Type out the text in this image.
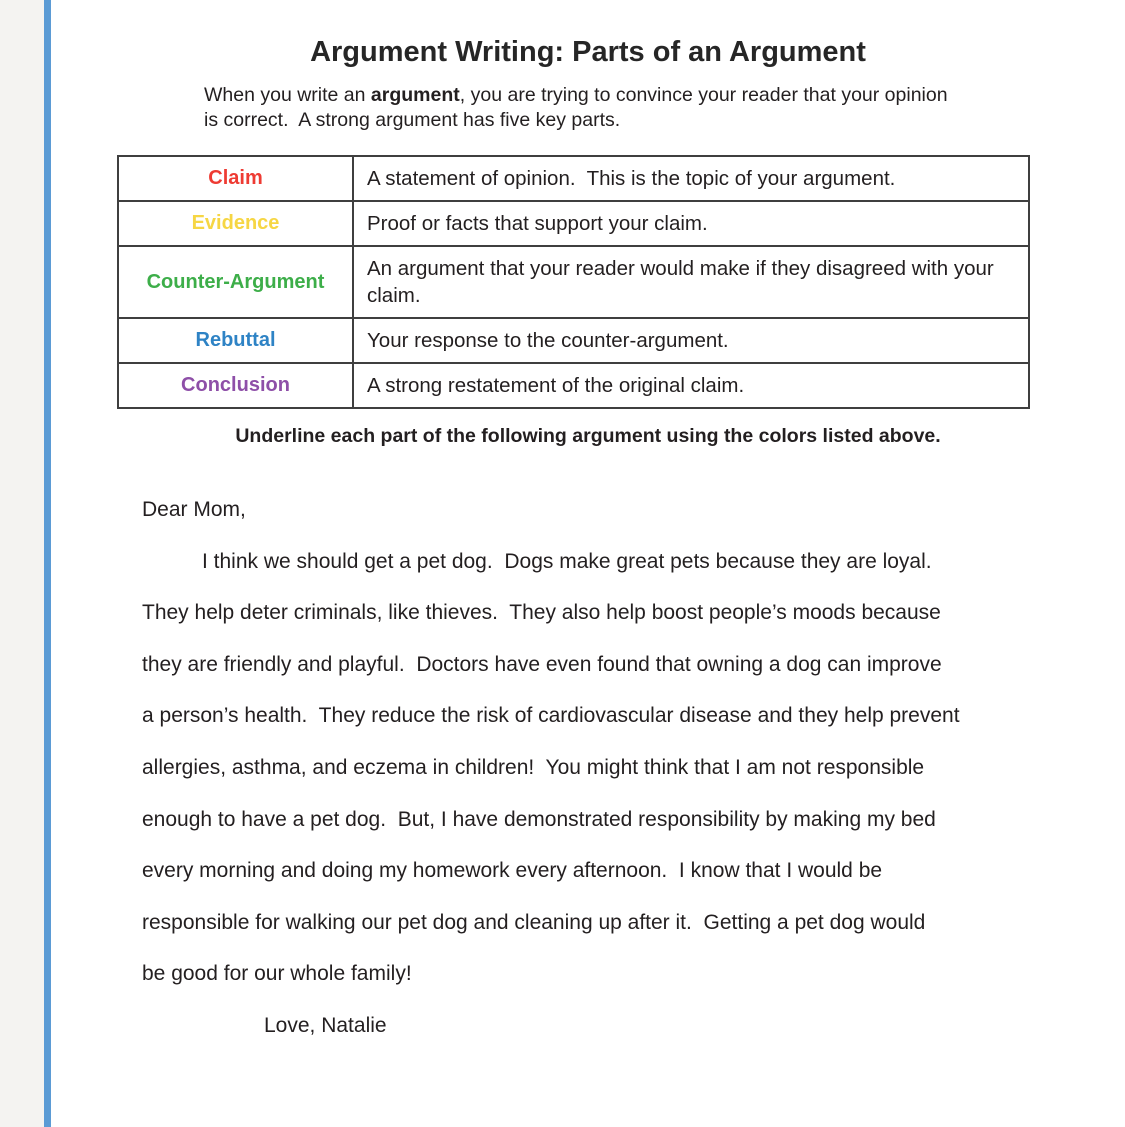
Argument Writing: Parts of an Argument
When you write an argument, you are trying to convince your reader that your opinion is correct.  A strong argument has five key parts.
Claim	A statement of opinion.  This is the topic of your argument.
Evidence	Proof or facts that support your claim.
Counter-Argument	An argument that your reader would make if they disagreed with your claim.
Rebuttal	Your response to the counter-argument.
Conclusion	A strong restatement of the original claim.
Underline each part of the following argument using the colors listed above.
Dear Mom,
I think we should get a pet dog.  Dogs make great pets because they are loyal.
They help deter criminals, like thieves.  They also help boost people’s moods because
they are friendly and playful.  Doctors have even found that owning a dog can improve
a person’s health.  They reduce the risk of cardiovascular disease and they help prevent
allergies, asthma, and eczema in children!  You might think that I am not responsible
enough to have a pet dog.  But, I have demonstrated responsibility by making my bed
every morning and doing my homework every afternoon.  I know that I would be
responsible for walking our pet dog and cleaning up after it.  Getting a pet dog would
be good for our whole family!
Love, Natalie
